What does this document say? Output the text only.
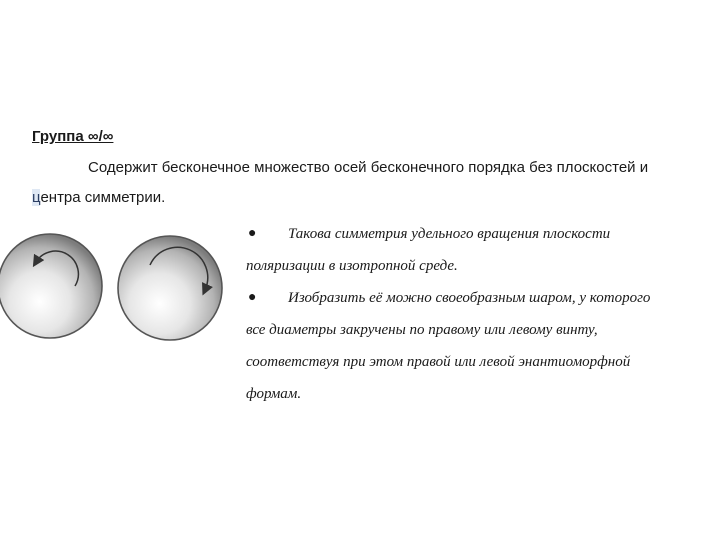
Группа ∞/∞
Содержит бесконечное множество осей бесконечного порядка без плоскостей и
центра симметрии.
●	Такова симметрия удельного вращения плоскости
поляризации в изотропной среде.
●	Изобразить её можно своеобразным шаром, у которого
все диаметры закручены по правому или левому винту,
соответствуя при этом правой или левой энантиоморфной
формам.
